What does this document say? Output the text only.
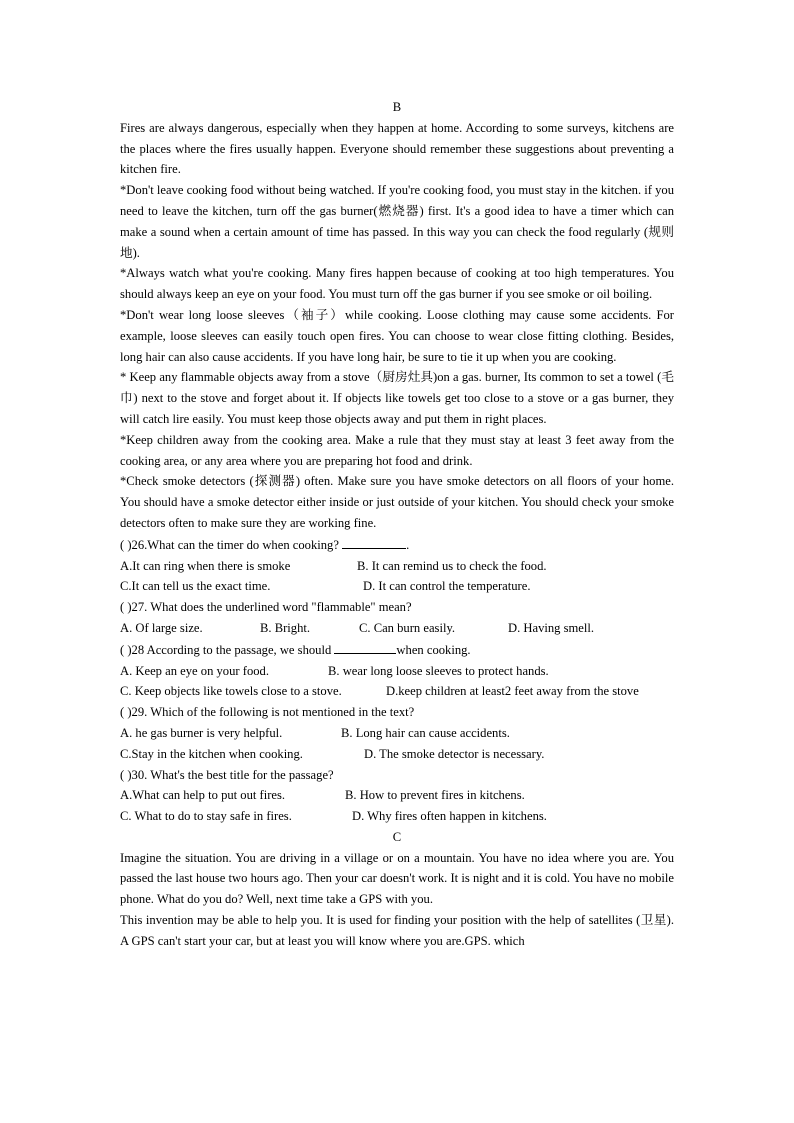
B

Fires are always dangerous, especially when they happen at home. According to some surveys, kitchens are the places where the fires usually happen. Everyone should remember these suggestions about preventing a kitchen fire.

*Don't leave cooking food without being watched. If you're cooking food, you must stay in the kitchen. if you need to leave the kitchen, turn off the gas burner(燃烧器) first. It's a good idea to have a timer which can make a sound when a certain amount of time has passed. In this way you can check the food regularly (规则地).

*Always watch what you're cooking. Many fires happen because of cooking at too high temperatures. You should always keep an eye on your food. You must turn off the gas burner if you see smoke or oil boiling.

*Don't wear long loose sleeves（袖子）while cooking. Loose clothing may cause some accidents. For example, loose sleeves can easily touch open fires. You can choose to wear close fitting clothing. Besides, long hair can also cause accidents. If you have long hair, be sure to tie it up when you are cooking.

* Keep any flammable objects away from a stove（厨房灶具)on a gas. burner, Its common to set a towel (毛巾) next to the stove and forget about it. If objects like towels get too close to a stove or a gas burner, they will catch lire easily. You must keep those objects away and put them in right places.

*Keep children away from the cooking area. Make a rule that they must stay at least 3 feet away from the cooking area, or any area where you are preparing hot food and drink.

*Check smoke detectors (探测器) often. Make sure you have smoke detectors on all floors of your home. You should have a smoke detector either inside or just outside of your kitchen. You should check your smoke detectors often to make sure they are working fine.

( )26.What can the timer do when cooking?	.
A.It can ring when there is smoke	B. It can remind us to check the food.
C.It can tell us the exact time.	D. It can control the temperature.
( )27. What does the underlined word "flammable" mean?
A. Of large size.	B. Bright.	C. Can burn easily.	D. Having smell.
( )28 According to the passage, we should	when cooking.
A. Keep an eye on your food.	B. wear long loose sleeves to protect hands.
C. Keep objects like towels close to a stove.	D.keep children at least2 feet away from the stove
( )29. Which of the following is not mentioned in the text?
A. he gas burner is very helpful.	B. Long hair can cause accidents.
C.Stay in the kitchen when cooking.	D. The smoke detector is necessary.
( )30. What's the best title for the passage?
A.What can help to put out fires.	B. How to prevent fires in kitchens.
C. What to do to stay safe in fires.	D. Why fires often happen in kitchens.
C

Imagine the situation. You are driving in a village or on a mountain. You have no idea where you are. You passed the last house two hours ago. Then your car doesn't work. It is night and it is cold. You have no mobile phone. What do you do? Well, next time take a GPS with you.

This invention may be able to help you. It is used for finding your position with the help of satellites (卫星). A GPS can't start your car, but at least you will know where you are.GPS. which
